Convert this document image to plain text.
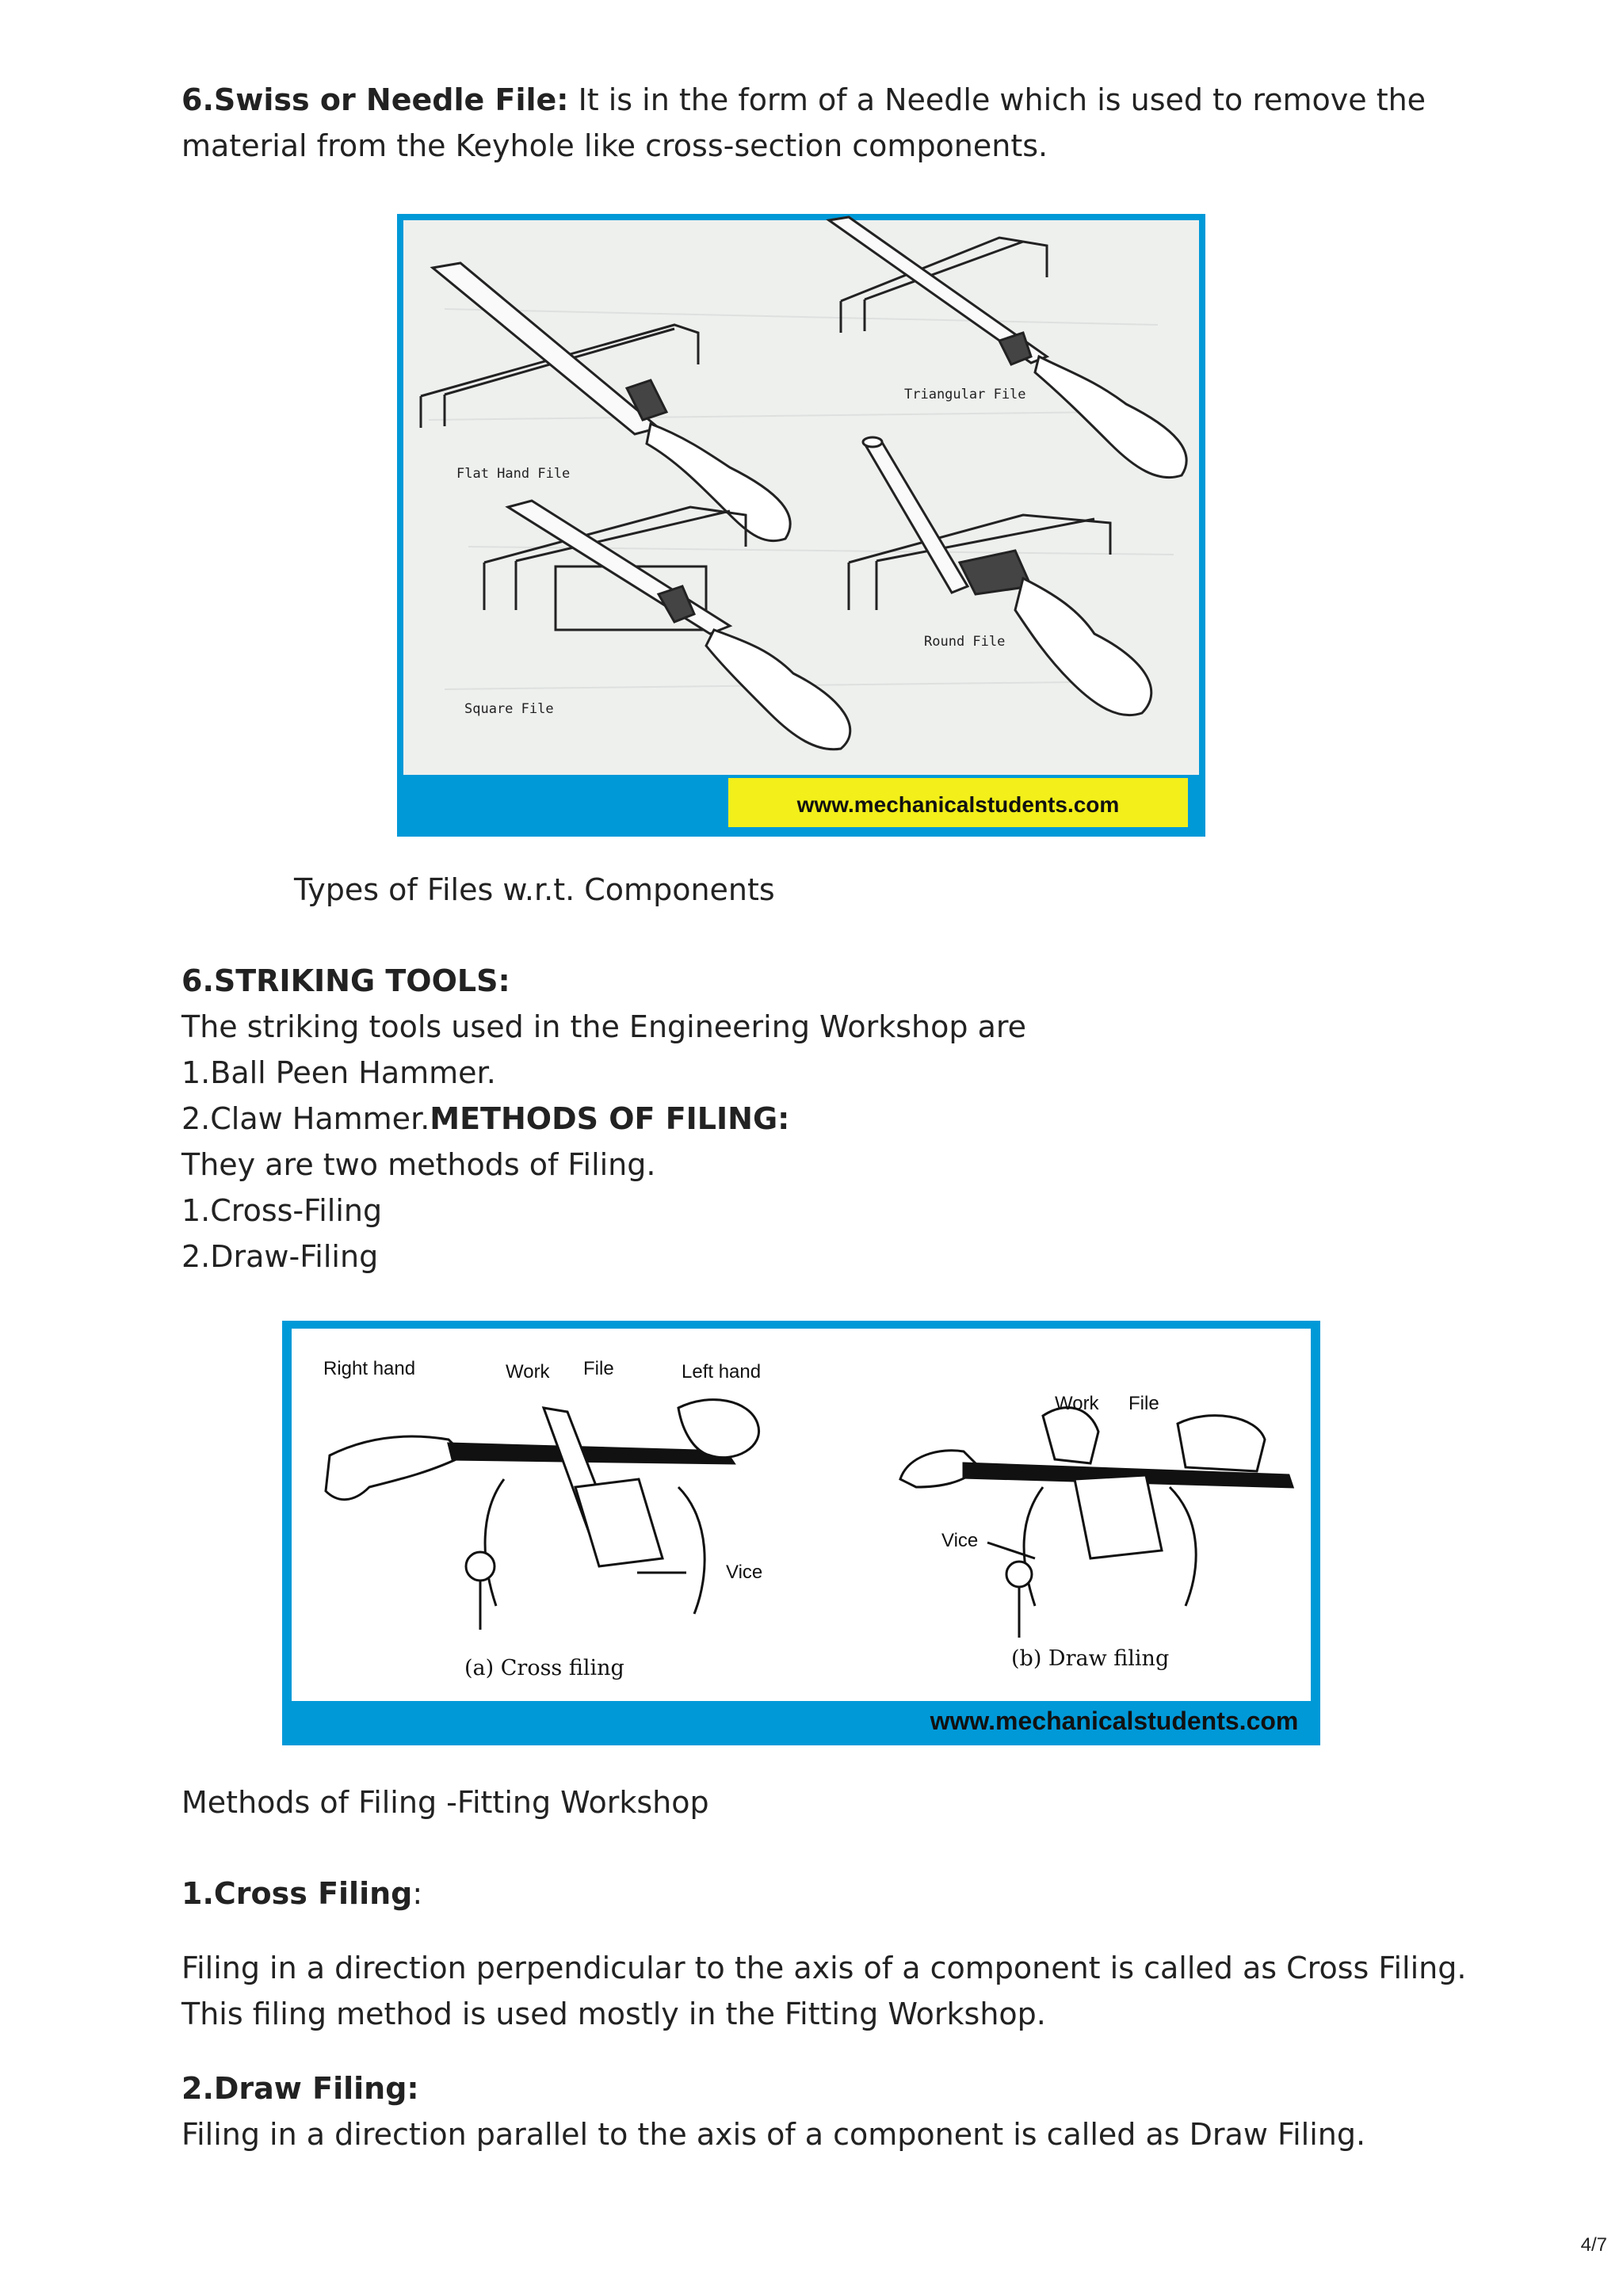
6.Swiss or Needle File: It is in the form of a Needle which is used to remove the
material from the Keyhole like cross-section components.
Flat Hand File
Triangular File
Square File
Round File
www.mechanicalstudents.com
Types of Files w.r.t. Components
6.STRIKING TOOLS:
The striking tools used in the Engineering Workshop are
1.Ball Peen Hammer.
2.Claw Hammer.METHODS OF FILING:
They are two methods of Filing.
1.Cross-Filing
2.Draw-Filing
Right hand	Work File	Left hand
Vice
(a) Cross filing
Work File
Vice
(b) Draw filing
www.mechanicalstudents.com
Methods of Filing -Fitting Workshop
1.Cross Filing:
Filing in a direction perpendicular to the axis of a component is called as Cross Filing.
This filing method is used mostly in the Fitting Workshop.
2.Draw Filing:
Filing in a direction parallel to the axis of a component is called as Draw Filing.
4/7
